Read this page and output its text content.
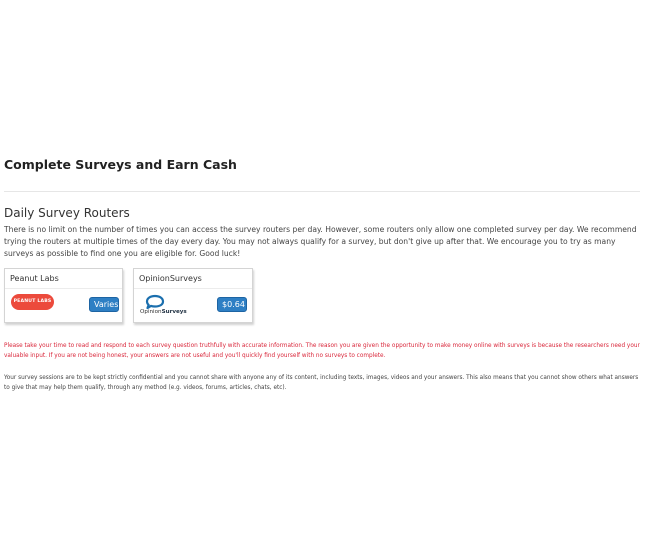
Complete Surveys and Earn Cash
Daily Survey Routers

There is no limit on the number of times you can access the survey routers per day. However, some routers only allow one completed survey per day. We recommend trying the routers at multiple times of the day every day. You may not always qualify for a survey, but don't give up after that. We encourage you to try as many surveys as possible to find one you are eligible for. Good luck!

Peanut Labs
PEANUT LABS	Varies
OpinionSurveys
OpinionSurveys
$0.64

Please take your time to read and respond to each survey question truthfully with accurate information. The reason you are given the opportunity to make money online with surveys is because the researchers need your valuable input. If you are not being honest, your answers are not useful and you'll quickly find yourself with no surveys to complete.

Your survey sessions are to be kept strictly confidential and you cannot share with anyone any of its content, including texts, images, videos and your answers. This also means that you cannot show others what answers to give that may help them qualify, through any method (e.g. videos, forums, articles, chats, etc).
